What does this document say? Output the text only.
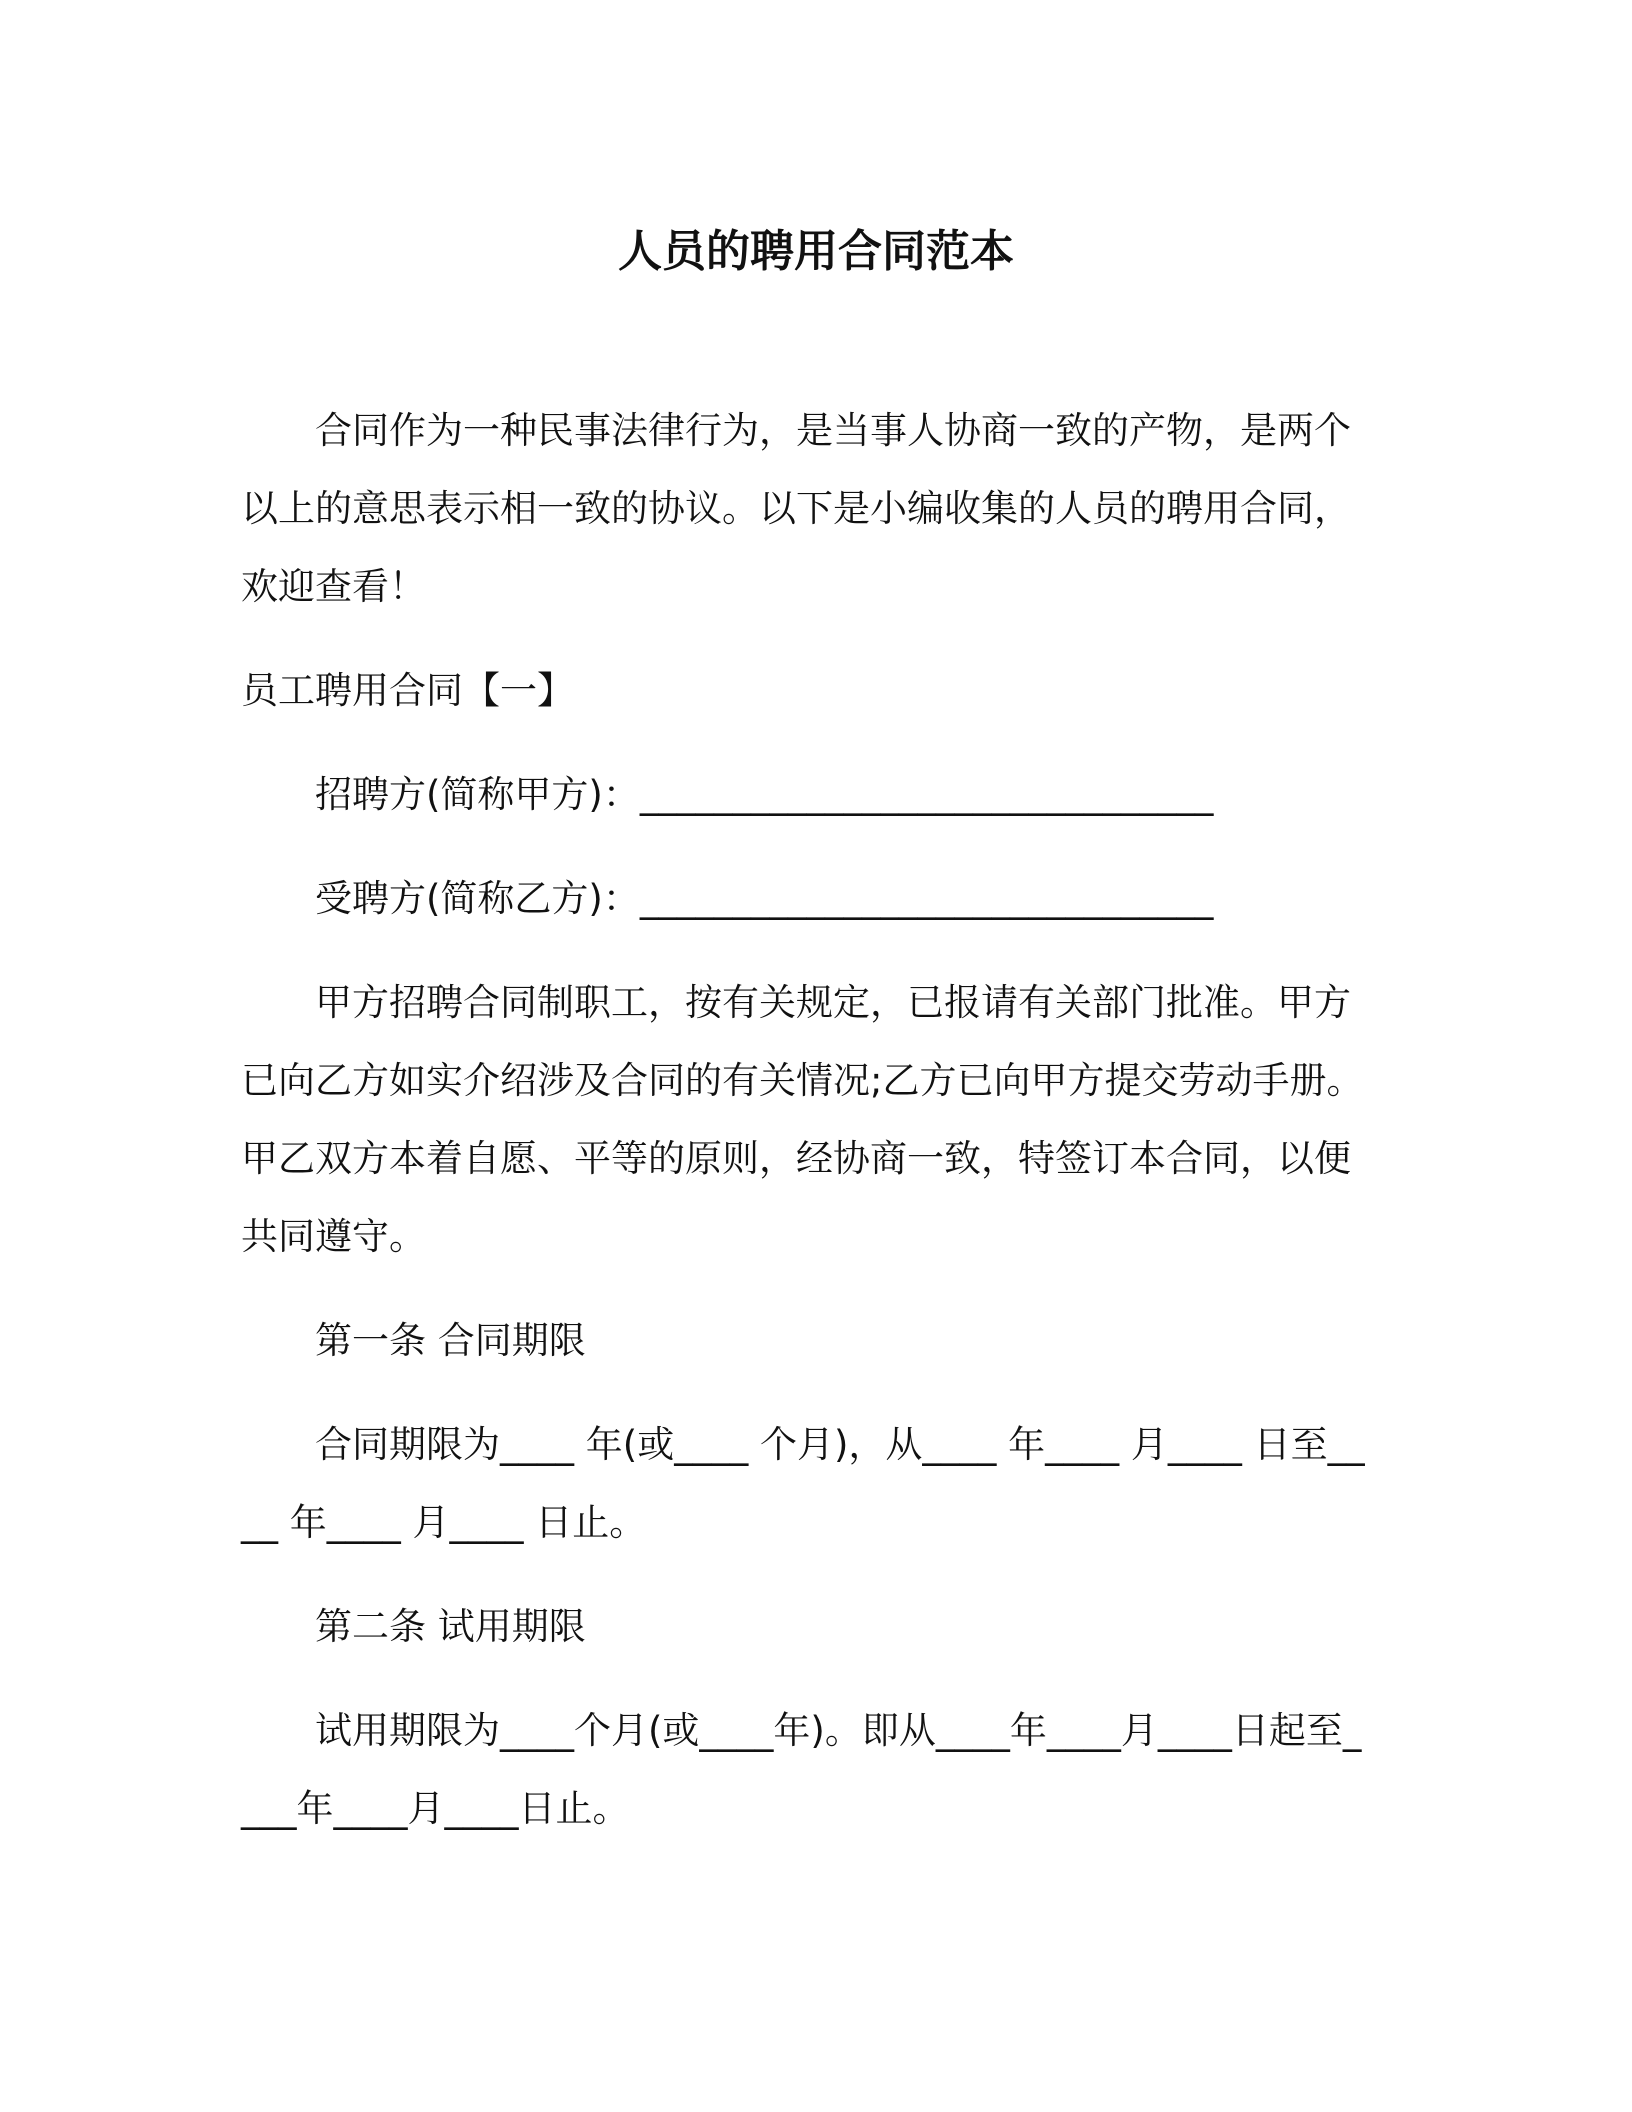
人员的聘用合同范本

合同作为一种民事法律行为，是当事人协商一致的产物，是两个以上的意思表示相一致的协议。以下是小编收集的人员的聘用合同，欢迎查看！

员工聘用合同【一】

招聘方(简称甲方)：_______________________________

受聘方(简称乙方)：_______________________________

甲方招聘合同制职工，按有关规定，已报请有关部门批准。甲方已向乙方如实介绍涉及合同的有关情况;乙方已向甲方提交劳动手册。甲乙双方本着自愿、平等的原则，经协商一致，特签订本合同，以便共同遵守。

第一条 合同期限

合同期限为____ 年(或____ 个月)，从____ 年____ 月____ 日至____ 年____ 月____ 日止。

第二条 试用期限

试用期限为____个月(或____年)。即从____年____月____日起至____年____月____日止。
